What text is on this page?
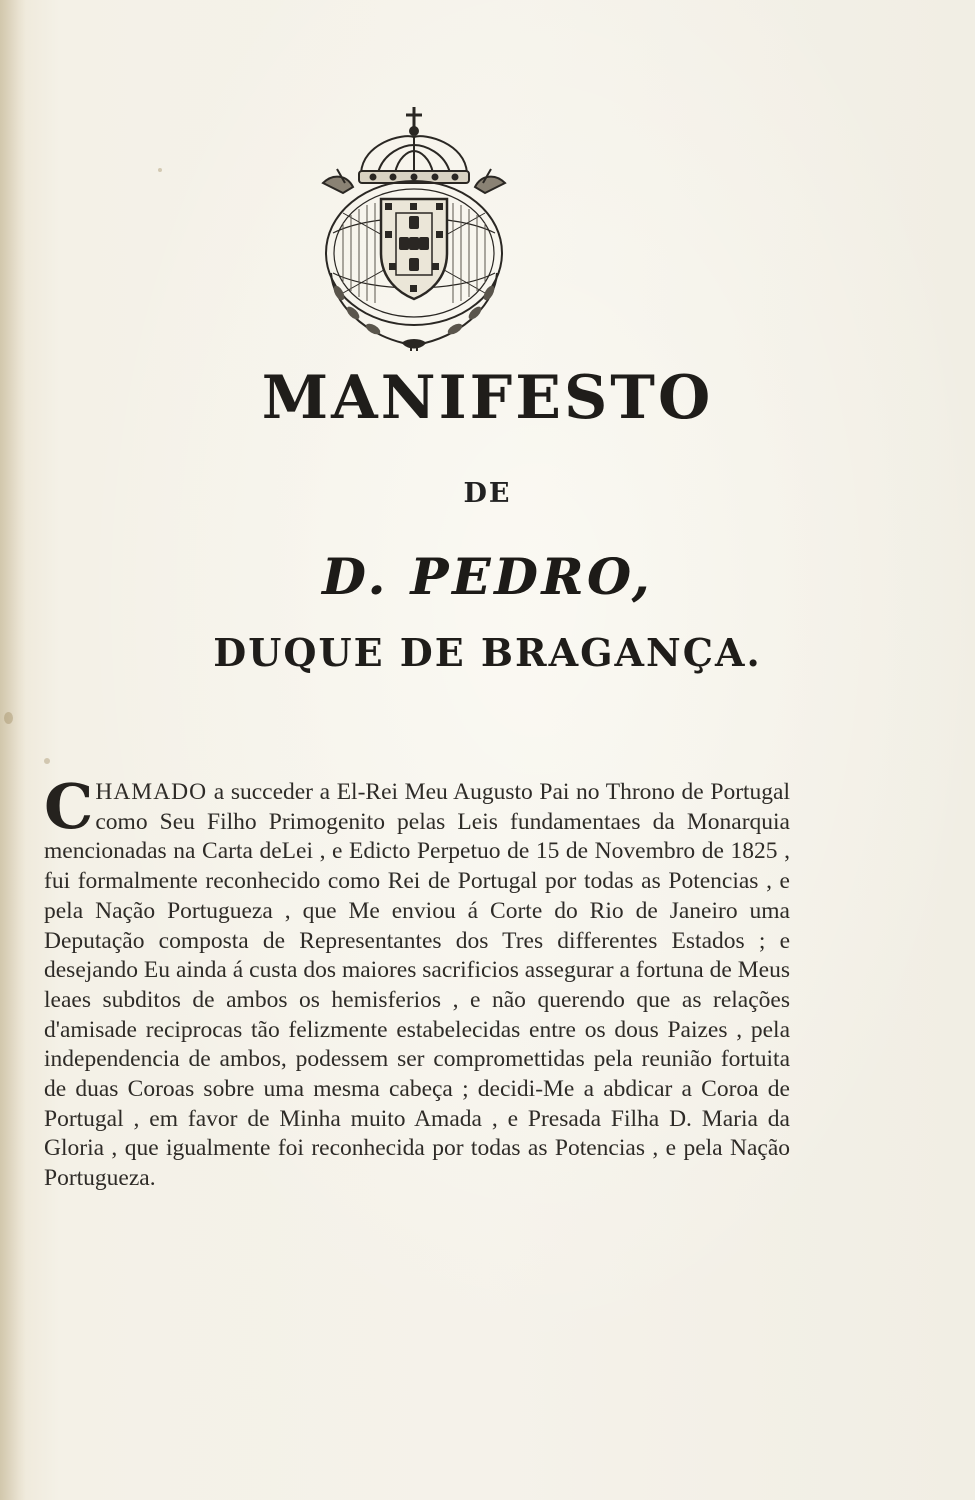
MANIFESTO
DE
D. PEDRO,
DUQUE DE BRAGANÇA.

CHAMADO a succeder a El-Rei Meu Augusto Pai no Throno de Portugal como Seu Filho Primogenito pelas Leis fundamentaes da Monarquia mencionadas na Carta deLei , e Edicto Perpetuo de 15 de Novembro de 1825 , fui formalmente reconhecido como Rei de Portugal por todas as Potencias , e pela Nação Portugueza , que Me enviou á Corte do Rio de Janeiro uma Deputação composta de Representantes dos Tres differentes Estados ; e desejando Eu ainda á custa dos maiores sacrificios assegurar a fortuna de Meus leaes subditos de ambos os hemisferios , e não querendo que as relações d'amisade reciprocas tão felizmente estabelecidas entre os dous Paizes , pela independencia de ambos, podessem ser compromettidas pela reunião fortuita de duas Coroas sobre uma mesma cabeça ; decidi-Me a abdicar a Coroa de Portugal , em favor de Minha muito Amada , e Presada Filha D. Maria da Gloria , que igualmente foi reconhecida por todas as Potencias , e pela Nação Portugueza.
